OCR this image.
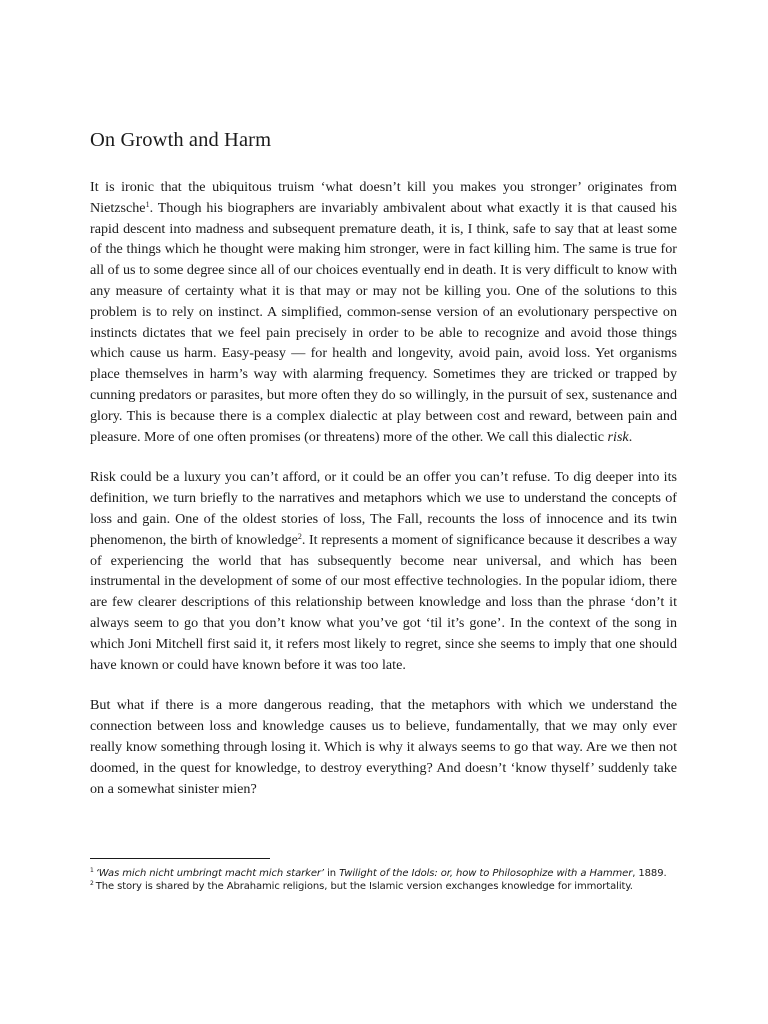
On Growth and Harm

It is ironic that the ubiquitous truism ‘what doesn’t kill you makes you stronger’ originates from Nietzsche$^1$. Though his biographers are invariably ambivalent about what exactly it is that caused his rapid descent into madness and subsequent premature death, it is, I think, safe to say that at least some of the things which he thought were making him stronger, were in fact killing him. The same is true for all of us to some degree since all of our choices eventually end in death. It is very difficult to know with any measure of certainty what it is that may or may not be killing you. One of the solutions to this problem is to rely on instinct. A simplified, common-sense version of an evolutionary perspective on instincts dictates that we feel pain precisely in order to be able to recognize and avoid those things which cause us harm. Easy-peasy — for health and longevity, avoid pain, avoid loss. Yet organisms place themselves in harm’s way with alarming frequency. Sometimes they are tricked or trapped by cunning predators or parasites, but more often they do so willingly, in the pursuit of sex, sustenance and glory. This is because there is a complex dialectic at play between cost and reward, between pain and pleasure. More of one often promises (or threatens) more of the other. We call this dialectic risk.

Risk could be a luxury you can’t afford, or it could be an offer you can’t refuse. To dig deeper into its definition, we turn briefly to the narratives and metaphors which we use to understand the concepts of loss and gain. One of the oldest stories of loss, The Fall, recounts the loss of innocence and its twin phenomenon, the birth of knowledge$^2$. It represents a moment of significance because it describes a way of experiencing the world that has subsequently become near universal, and which has been instrumental in the development of some of our most effective technologies. In the popular idiom, there are few clearer descriptions of this relationship between knowledge and loss than the phrase ‘don’t it always seem to go that you don’t know what you’ve got ‘til it’s gone’. In the context of the song in which Joni Mitchell first said it, it refers most likely to regret, since she seems to imply that one should have known or could have known before it was too late.

But what if there is a more dangerous reading, that the metaphors with which we understand the connection between loss and knowledge causes us to believe, fundamentally, that we may only ever really know something through losing it. Which is why it always seems to go that way. Are we then not doomed, in the quest for knowledge, to destroy everything? And doesn’t ‘know thyself’ suddenly take on a somewhat sinister mien?

$^1$ ‘Was mich nicht umbringt macht mich starker’ in Twilight of the Idols: or, how to Philosophize with a Hammer, 1889.

$^2$ The story is shared by the Abrahamic religions, but the Islamic version exchanges knowledge for immortality.
